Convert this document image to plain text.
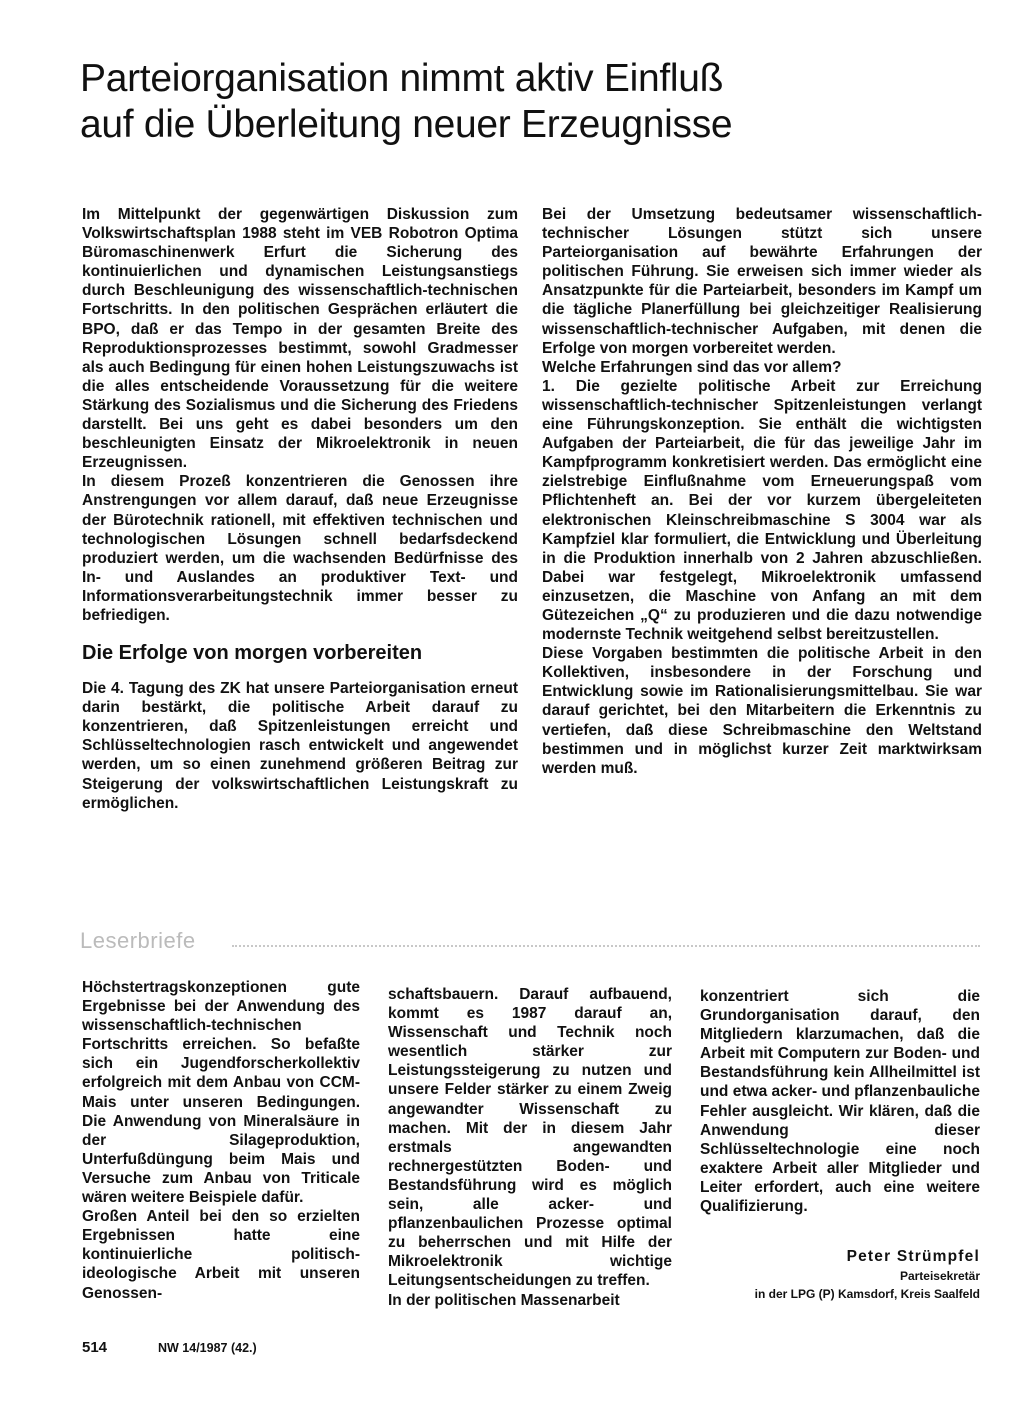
Parteiorganisation nimmt aktiv Einfluß
auf die Überleitung neuer Erzeugnisse

Im Mittelpunkt der gegenwärtigen Diskussion zum Volkswirtschaftsplan 1988 steht im VEB Robotron Optima Büromaschinenwerk Erfurt die Sicherung des kontinuierlichen und dynamischen Leistungsanstiegs durch Beschleunigung des wissenschaftlich-technischen Fortschritts. In den politischen Gesprächen erläutert die BPO, daß er das Tempo in der gesamten Breite des Reproduktionsprozesses bestimmt, sowohl Gradmesser als auch Bedingung für einen hohen Leistungszuwachs ist die alles entscheidende Voraussetzung für die weitere Stärkung des Sozialismus und die Sicherung des Friedens darstellt. Bei uns geht es dabei besonders um den beschleunigten Einsatz der Mikroelektronik in neuen Erzeugnissen.

In diesem Prozeß konzentrieren die Genossen ihre Anstrengungen vor allem darauf, daß neue Erzeugnisse der Bürotechnik rationell, mit effektiven technischen und technologischen Lösungen schnell bedarfsdeckend produziert werden, um die wachsenden Bedürfnisse des In- und Auslandes an produktiver Text- und Informationsverarbeitungstechnik immer besser zu befriedigen.

Die Erfolge von morgen vorbereiten

Die 4. Tagung des ZK hat unsere Parteiorganisation erneut darin bestärkt, die politische Arbeit darauf zu konzentrieren, daß Spitzenleistungen erreicht und Schlüsseltechnologien rasch entwickelt und angewendet werden, um so einen zunehmend größeren Beitrag zur Steigerung der volkswirtschaftlichen Leistungskraft zu ermöglichen.

Bei der Umsetzung bedeutsamer wissenschaftlich-technischer Lösungen stützt sich unsere Parteiorganisation auf bewährte Erfahrungen der politischen Führung. Sie erweisen sich immer wieder als Ansatzpunkte für die Parteiarbeit, besonders im Kampf um die tägliche Planerfüllung bei gleichzeitiger Realisierung wissenschaftlich-technischer Aufgaben, mit denen die Erfolge von morgen vorbereitet werden.

Welche Erfahrungen sind das vor allem?

1. Die gezielte politische Arbeit zur Erreichung wissenschaftlich-technischer Spitzenleistungen verlangt eine Führungskonzeption. Sie enthält die wichtigsten Aufgaben der Parteiarbeit, die für das jeweilige Jahr im Kampfprogramm konkretisiert werden. Das ermöglicht eine zielstrebige Einflußnahme vom Erneuerungspaß vom Pflichtenheft an. Bei der vor kurzem übergeleiteten elektronischen Kleinschreibmaschine S 3004 war als Kampfziel klar formuliert, die Entwicklung und Überleitung in die Produktion innerhalb von 2 Jahren abzuschließen. Dabei war festgelegt, Mikroelektronik umfassend einzusetzen, die Maschine von Anfang an mit dem Gütezeichen „Q“ zu produzieren und die dazu notwendige modernste Technik weitgehend selbst bereitzustellen.

Diese Vorgaben bestimmten die politische Arbeit in den Kollektiven, insbesondere in der Forschung und Entwicklung sowie im Rationalisierungsmittelbau. Sie war darauf gerichtet, bei den Mitarbeitern die Erkenntnis zu vertiefen, daß diese Schreibmaschine den Weltstand bestimmen und in möglichst kurzer Zeit marktwirksam werden muß.

Leserbriefe

Höchstertragskonzeptionen gute Ergebnisse bei der Anwendung des wissenschaftlich-technischen Fortschritts erreichen. So befaßte sich ein Jugendforscherkollektiv erfolgreich mit dem Anbau von CCM-Mais unter unseren Bedingungen. Die Anwendung von Mineralsäure in der Silageproduktion, Unterfußdüngung beim Mais und Versuche zum Anbau von Triticale wären weitere Beispiele dafür.

Großen Anteil bei den so erzielten Ergebnissen hatte eine kontinuierliche politisch-ideologische Arbeit mit unseren Genossen-

schaftsbauern. Darauf aufbauend, kommt es 1987 darauf an, Wissenschaft und Technik noch wesentlich stärker zur Leistungssteigerung zu nutzen und unsere Felder stärker zu einem Zweig angewandter Wissenschaft zu machen. Mit der in diesem Jahr erstmals angewandten rechnergestützten Boden- und Bestandsführung wird es möglich sein, alle acker- und pflanzenbaulichen Prozesse optimal zu beherrschen und mit Hilfe der Mikroelektronik wichtige Leitungsentscheidungen zu treffen.

In der politischen Massenarbeit

konzentriert sich die Grundorganisation darauf, den Mitgliedern klarzumachen, daß die Arbeit mit Computern zur Boden- und Bestandsführung kein Allheilmittel ist und etwa acker- und pflanzenbauliche Fehler ausgleicht. Wir klären, daß die Anwendung dieser Schlüsseltechnologie eine noch exaktere Arbeit aller Mitglieder und Leiter erfordert, auch eine weitere Qualifizierung.

Peter Strümpfel
Parteisekretär
in der LPG (P) Kamsdorf, Kreis Saalfeld
514	NW 14/1987 (42.)
